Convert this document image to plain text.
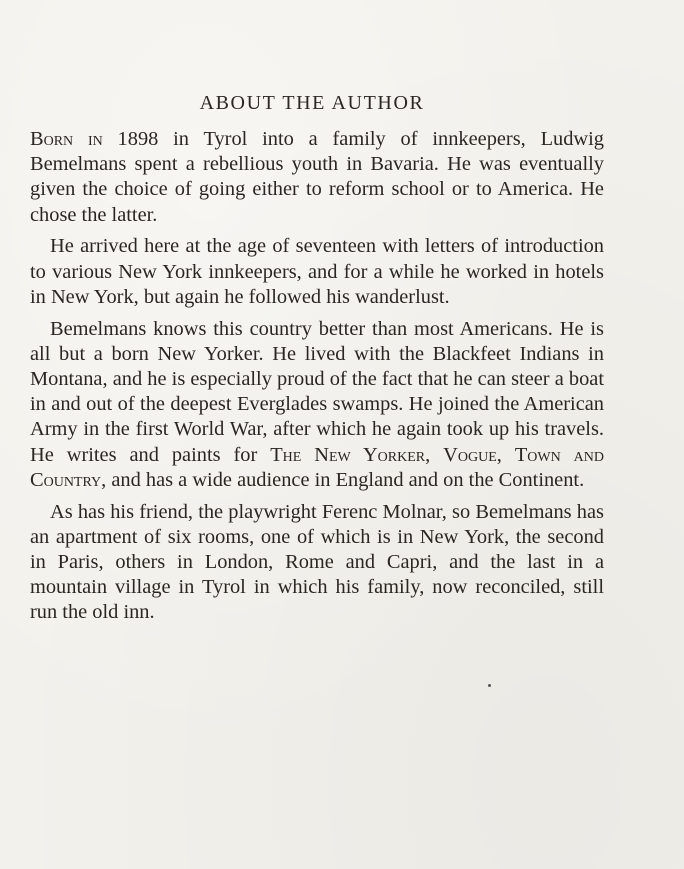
ABOUT THE AUTHOR

Born in 1898 in Tyrol into a family of innkeepers, Ludwig Bemelmans spent a rebellious youth in Bavaria. He was eventually given the choice of going either to reform school or to America. He chose the latter.

He arrived here at the age of seventeen with letters of introduction to various New York innkeepers, and for a while he worked in hotels in New York, but again he followed his wanderlust.

Bemelmans knows this country better than most Americans. He is all but a born New Yorker. He lived with the Blackfeet Indians in Montana, and he is especially proud of the fact that he can steer a boat in and out of the deepest Everglades swamps. He joined the American Army in the first World War, after which he again took up his travels. He writes and paints for The New Yorker, Vogue, Town and Country, and has a wide audience in England and on the Continent.

As has his friend, the playwright Ferenc Molnar, so Bemelmans has an apartment of six rooms, one of which is in New York, the second in Paris, others in London, Rome and Capri, and the last in a mountain village in Tyrol in which his family, now reconciled, still run the old inn.
